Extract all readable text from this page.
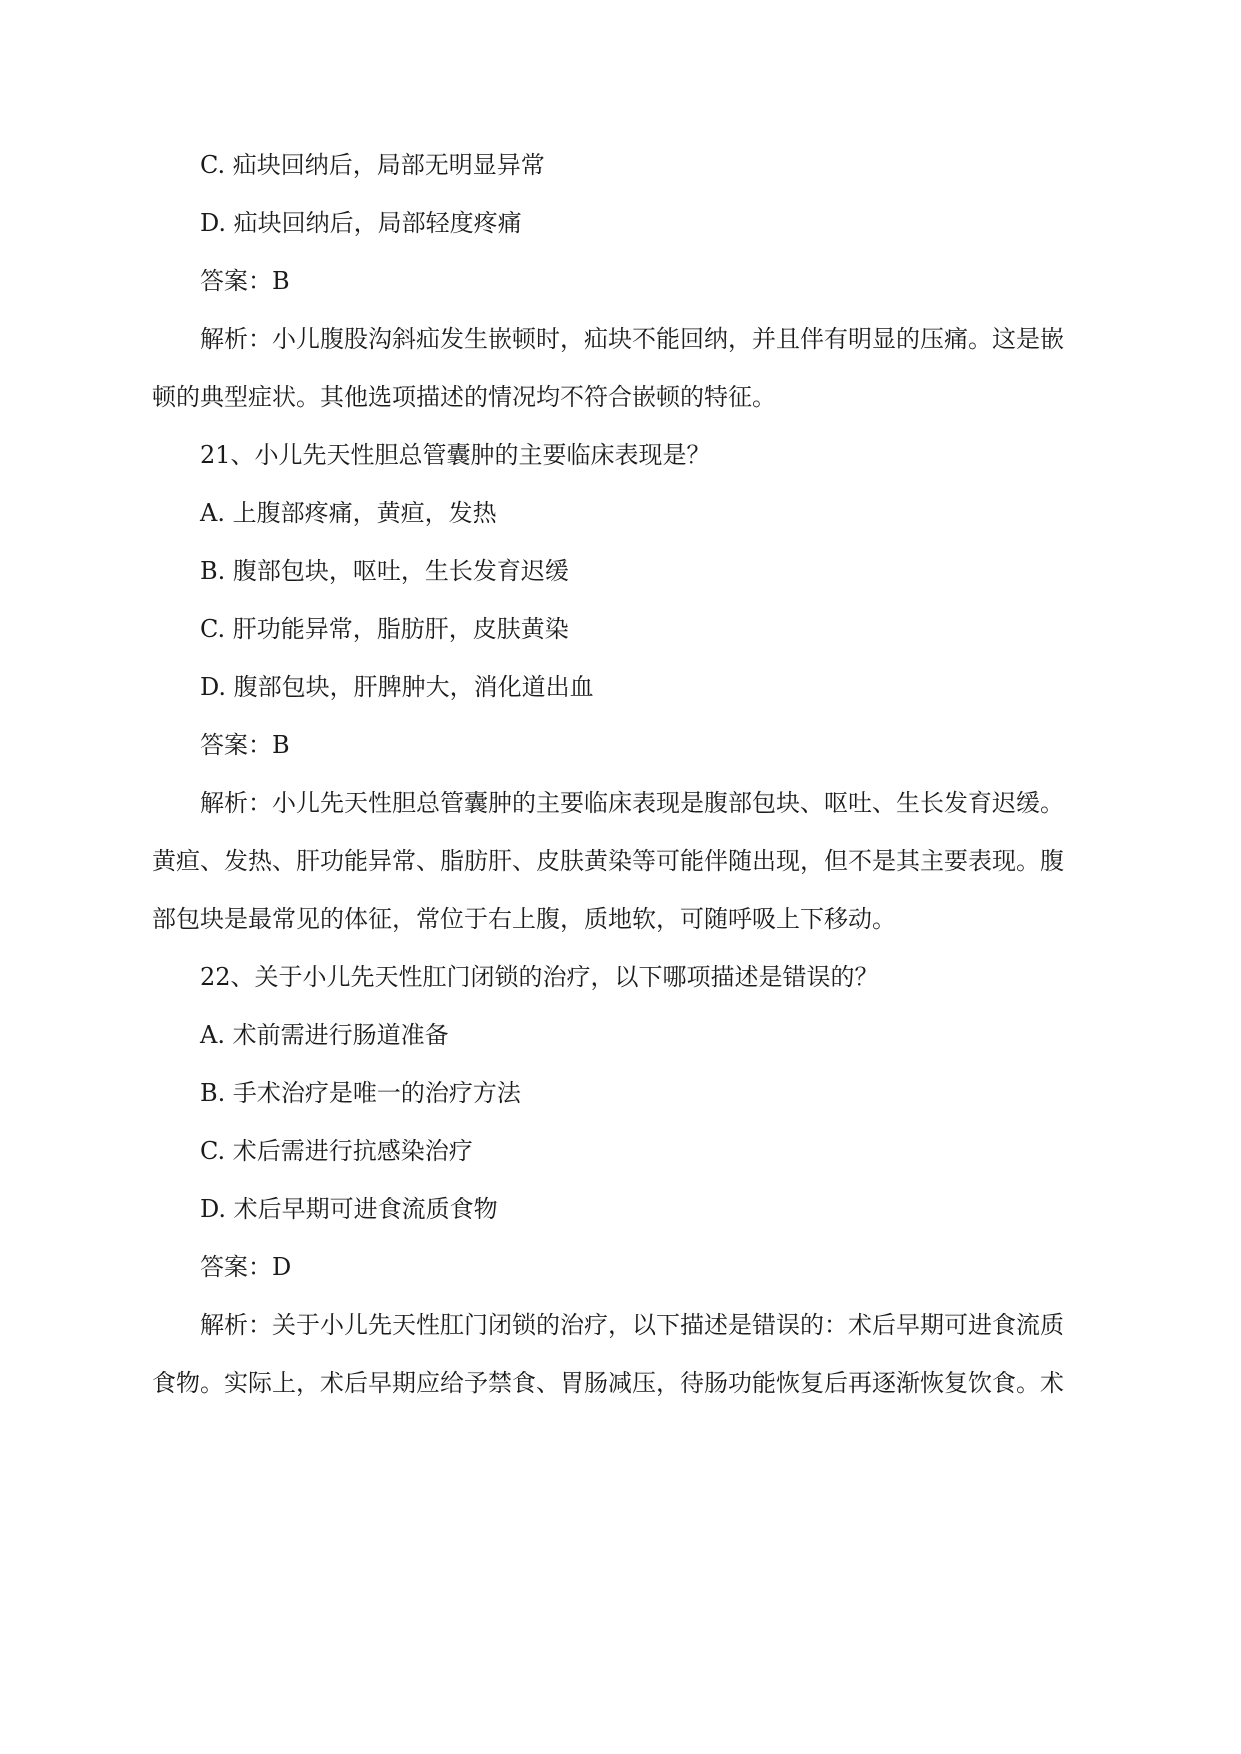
C. 疝块回纳后，局部无明显异常
D. 疝块回纳后，局部轻度疼痛
答案：B
解析：小儿腹股沟斜疝发生嵌顿时，疝块不能回纳，并且伴有明显的压痛。这是嵌
顿的典型症状。其他选项描述的情况均不符合嵌顿的特征。
21、小儿先天性胆总管囊肿的主要临床表现是？
A. 上腹部疼痛，黄疸，发热
B. 腹部包块，呕吐，生长发育迟缓
C. 肝功能异常，脂肪肝，皮肤黄染
D. 腹部包块，肝脾肿大，消化道出血
答案：B
解析：小儿先天性胆总管囊肿的主要临床表现是腹部包块、呕吐、生长发育迟缓。
黄疸、发热、肝功能异常、脂肪肝、皮肤黄染等可能伴随出现，但不是其主要表现。腹
部包块是最常见的体征，常位于右上腹，质地软，可随呼吸上下移动。
22、关于小儿先天性肛门闭锁的治疗，以下哪项描述是错误的？
A. 术前需进行肠道准备
B. 手术治疗是唯一的治疗方法
C. 术后需进行抗感染治疗
D. 术后早期可进食流质食物
答案：D
解析：关于小儿先天性肛门闭锁的治疗，以下描述是错误的：术后早期可进食流质
食物。实际上，术后早期应给予禁食、胃肠减压，待肠功能恢复后再逐渐恢复饮食。术
